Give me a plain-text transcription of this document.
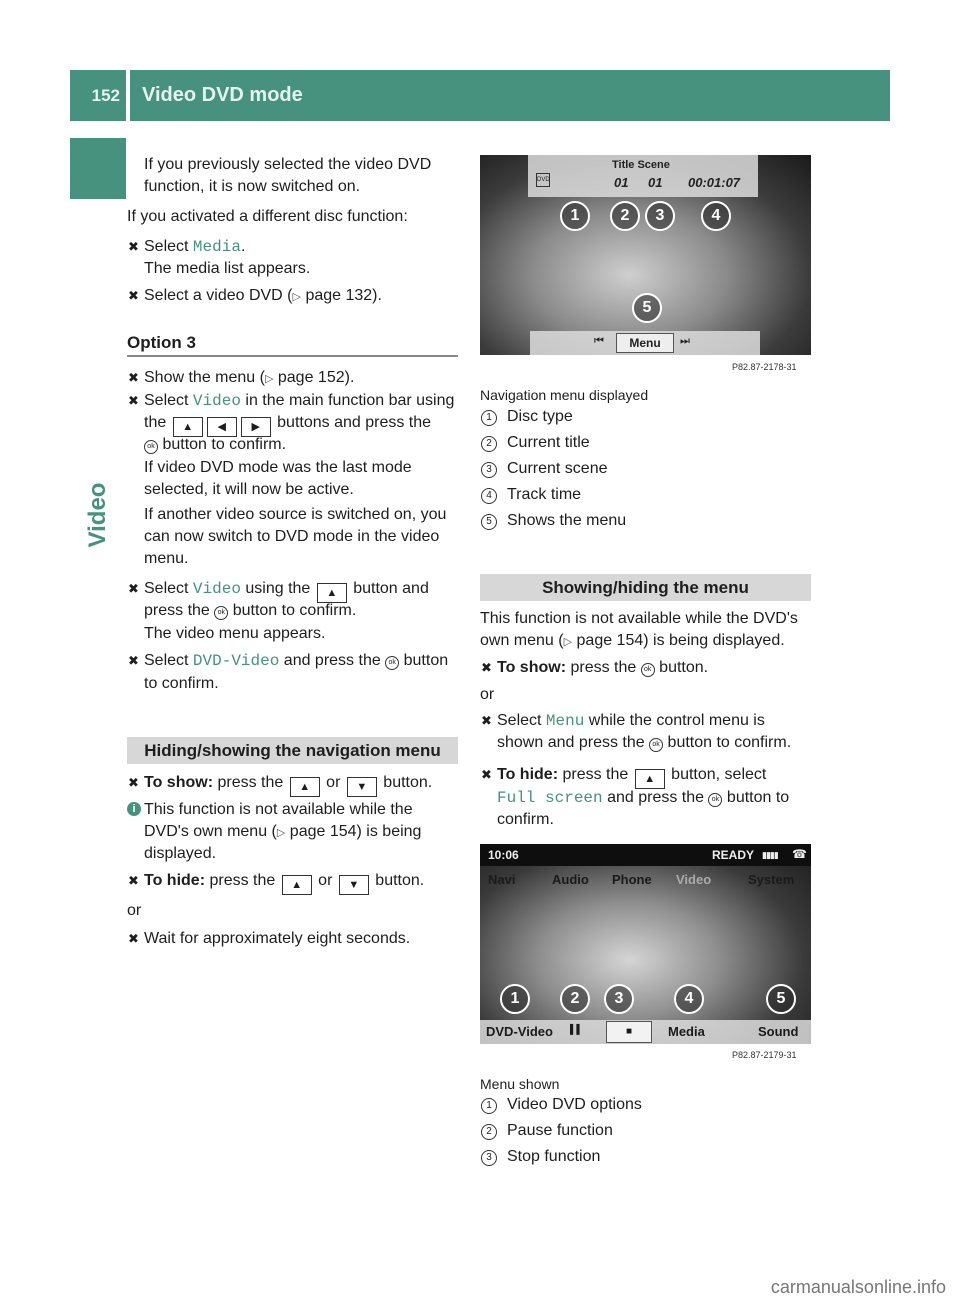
152	Video DVD mode
Video
If you previously selected the video DVD
function, it is now switched on.
If you activated a different disc function:
✖ Select Media.
The media list appears.
✖ Select a video DVD (▷ page 132).
Option 3
✖ Show the menu (▷ page 152).
✖ Select Video in the main function bar using
the ▲ ◀ ▶ buttons and press the
ok button to confirm.
If video DVD mode was the last mode
selected, it will now be active.
If another video source is switched on, you
can now switch to DVD mode in the video
menu.
✖ Select Video using the ▲ button and
press the ok button to confirm.
The video menu appears.
✖ Select DVD-Video and press the ok button
to confirm.
Hiding/showing the navigation menu
✖ To show: press the ▲ or ▼ button.
i This function is not available while the
DVD's own menu (▷ page 154) is being
displayed.
✖ To hide: press the ▲ or ▼ button.
or
✖ Wait for approximately eight seconds.
DVD
Title Scene
01 01 00:01:07
⏮	Menu	⏭
1	2	3	4
5
P82.87-2178-31
Navigation menu displayed
1 Disc type
2 Current title
3 Current scene
4 Track time
5 Shows the menu
Showing/hiding the menu
This function is not available while the DVD's
own menu (▷ page 154) is being displayed.
✖ To show: press the ok button.
or
✖ Select Menu while the control menu is
shown and press the ok button to confirm.
✖ To hide: press the ▲ button, select
Full screen and press the ok button to
confirm.
10:06	READY ▮▮▮▮ ☎
Navi	Audio Phone Video	System
DVD-Video ▌▌	■	Media	Sound
1	2	3	4	5
P82.87-2179-31
Menu shown
1 Video DVD options
2 Pause function
3 Stop function
carmanualsonline.info
